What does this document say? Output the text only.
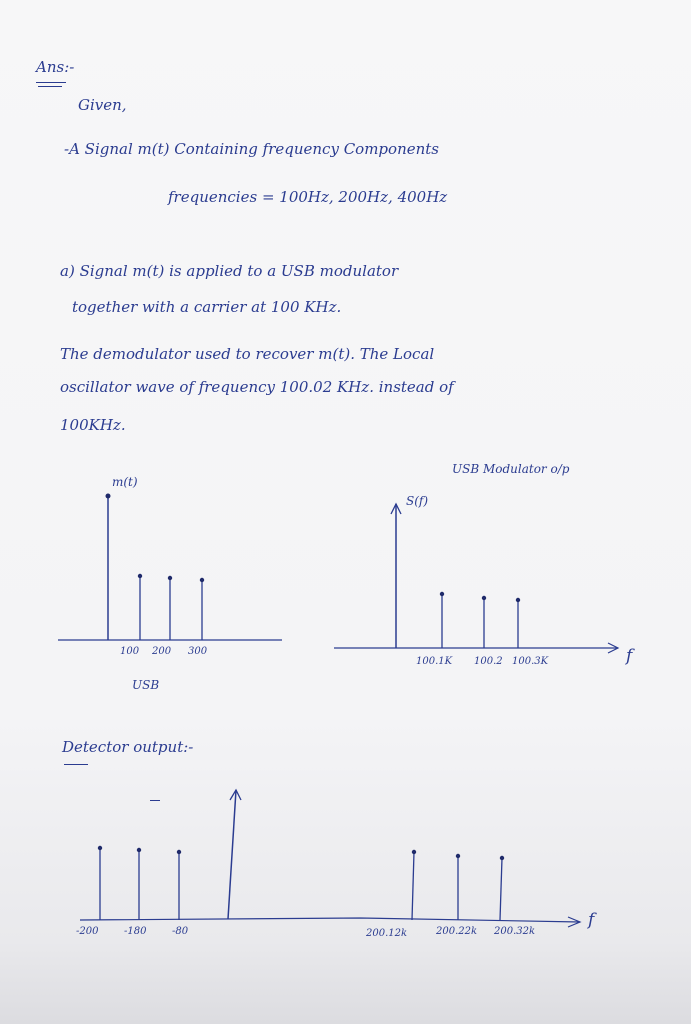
Ans:-
Given,
-A Signal m(t) Containing frequency Components
frequencies = 100Hz, 200Hz, 400Hz
a) Signal m(t) is applied to a USB modulator
together with a carrier at 100 KHz.
The demodulator used to recover m(t). The Local
oscillator wave of frequency 100.02 KHz. instead of
100KHz.
m(t)
100 200 300
USB
USB Modulator o/p
S(f)
100.1K 100.2 100.3K	f
Detector output:-
-200	-180	-80	200.12k	200.22k 200.32k
f
